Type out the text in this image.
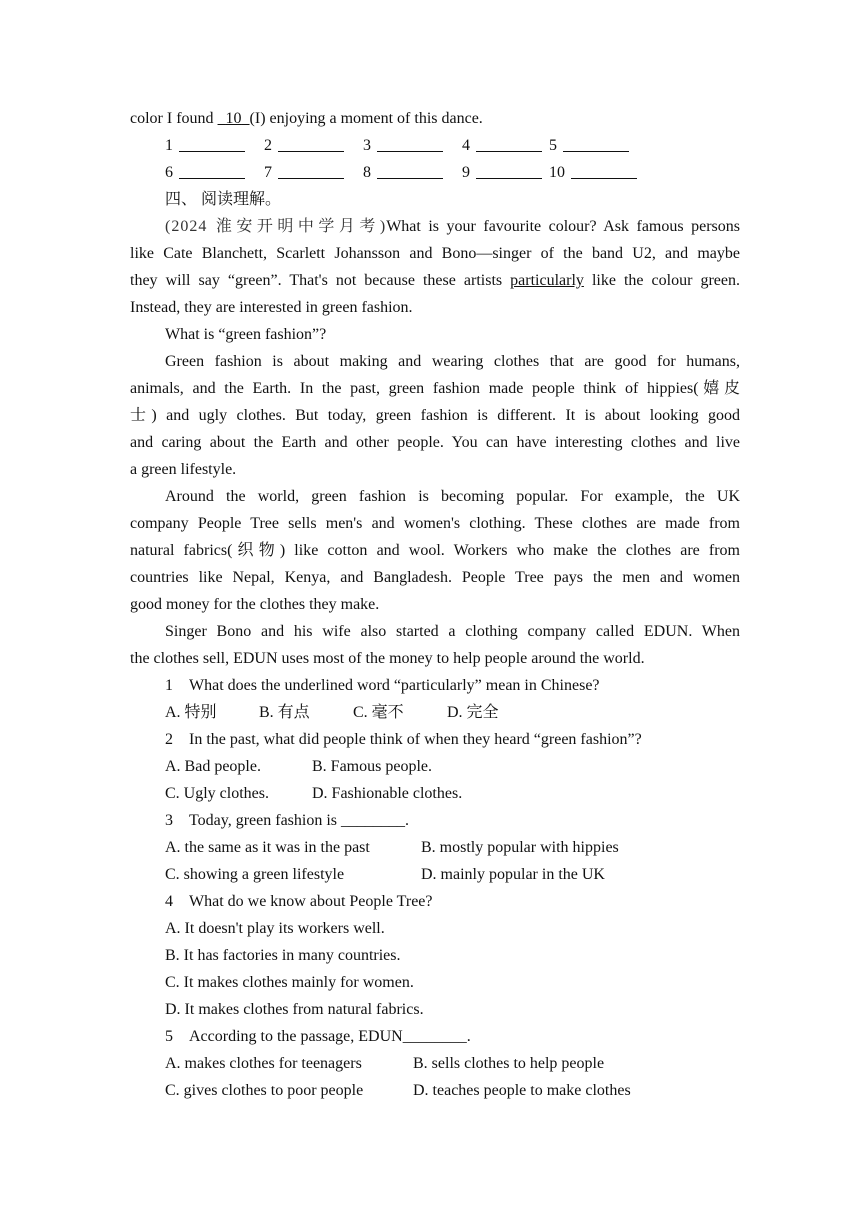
color I found   10 (I) enjoying a moment of this dance.
1	2	3	4	5
6	7	8	9	10
四、 阅读理解。
(2024 淮安开明中学月考)What is your favourite colour? Ask famous persons
like Cate Blanchett, Scarlett Johansson and Bono—singer of the band U2, and maybe
they will say “green”. That's not because these artists particularly like the colour green.
Instead, they are interested in green fashion.
What is “green fashion”?
Green fashion is about making and wearing clothes that are good for humans,
animals, and the Earth. In the past, green fashion made people think of hippies(嬉皮
士) and ugly clothes. But today, green fashion is different. It is about looking good
and caring about the Earth and other people. You can have interesting clothes and live
a green lifestyle.
Around the world, green fashion is becoming popular. For example, the UK
company People Tree sells men's and women's clothing. These clothes are made from
natural fabrics(织物) like cotton and wool. Workers who make the clothes are from
countries like Nepal, Kenya, and Bangladesh. People Tree pays the men and women
good money for the clothes they make.
Singer Bono and his wife also started a clothing company called EDUN. When
the clothes sell, EDUN uses most of the money to help people around the world.
1 What does the underlined word “particularly” mean in Chinese?
A. 特别	B. 有点	C. 毫不	D. 完全
2 In the past, what did people think of when they heard “green fashion”?
A. Bad people.	B. Famous people.
C. Ugly clothes.	D. Fashionable clothes.
3 Today, green fashion is ________.
A. the same as it was in the past	B. mostly popular with hippies
C. showing a green lifestyle	D. mainly popular in the UK
4 What do we know about People Tree?
A. It doesn't play its workers well.
B. It has factories in many countries.
C. It makes clothes mainly for women.
D. It makes clothes from natural fabrics.
5 According to the passage, EDUN________.
A. makes clothes for teenagers	B. sells clothes to help people
C. gives clothes to poor people	D. teaches people to make clothes
